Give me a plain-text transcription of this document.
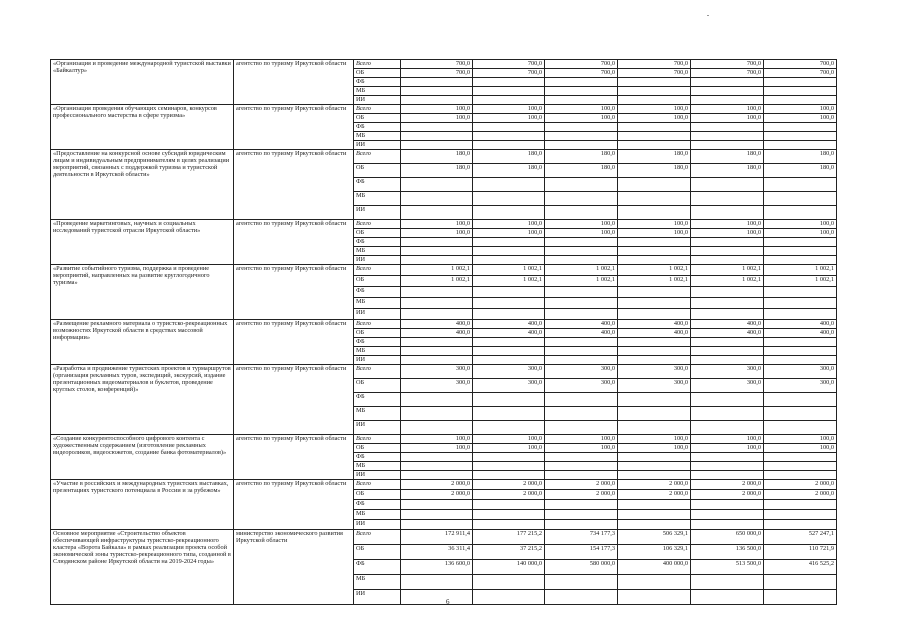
«Организация и проведение международной туристской выставки «Байкалтур»	агентство по туризму Иркутской области	Всего	700,0	700,0	700,0	700,0	700,0	700,0
		ОБ	700,0	700,0	700,0	700,0	700,0	700,0
		ФБ						
		МБ						
		ИИ						
«Организация проведения обучающих семинаров, конкурсов профессионального мастерства в сфере туризма»	агентство по туризму Иркутской области	Всего	100,0	100,0	100,0	100,0	100,0	100,0
		ОБ	100,0	100,0	100,0	100,0	100,0	100,0
		ФБ						
		МБ						
		ИИ						
«Предоставление на конкурсной основе субсидий юридическим лицам и индивидуальным предпринимателям в целях реализации мероприятий, связанных с поддержкой туризма и туристской деятельности в Иркутской области»	агентство по туризму Иркутской области	Всего	180,0	180,0	180,0	180,0	180,0	180,0
		ОБ	180,0	180,0	180,0	180,0	180,0	180,0
		ФБ						
		МБ						
		ИИ						
«Проведение маркетинговых, научных и социальных исследований туристской отрасли Иркутской области»	агентство по туризму Иркутской области	Всего	100,0	100,0	100,0	100,0	100,0	100,0
		ОБ	100,0	100,0	100,0	100,0	100,0	100,0
		ФБ						
		МБ						
		ИИ						
«Развитие событийного туризма, поддержка и проведение мероприятий, направленных на развитие круглогодичного туризма»	агентство по туризму Иркутской области	Всего	1 002,1	1 002,1	1 002,1	1 002,1	1 002,1	1 002,1
		ОБ	1 002,1	1 002,1	1 002,1	1 002,1	1 002,1	1 002,1
		ФБ						
		МБ						
		ИИ						
«Размещение рекламного материала о туристско-рекреационных возможностях Иркутской области в средствах массовой информации»	агентство по туризму Иркутской области	Всего	400,0	400,0	400,0	400,0	400,0	400,0
		ОБ	400,0	400,0	400,0	400,0	400,0	400,0
		ФБ						
		МБ						
		ИИ						
«Разработка и продвижение туристских проектов и турмаршрутов (организация рекламных туров, экспедиций, экскурсий, издание презентационных видеоматериалов и буклетов, проведение круглых столов, конференций)»	агентство по туризму Иркутской области	Всего	300,0	300,0	300,0	300,0	300,0	300,0
		ОБ	300,0	300,0	300,0	300,0	300,0	300,0
		ФБ						
		МБ						
		ИИ						
«Создание конкурентоспособного цифрового контента с художественным содержанием (изготовление рекламных видеороликов, видеосюжетов, создание банка фотоматериалов)»	агентство по туризму Иркутской области	Всего	100,0	100,0	100,0	100,0	100,0	100,0
		ОБ	100,0	100,0	100,0	100,0	100,0	100,0
		ФБ						
		МБ						
		ИИ						
«Участие в российских и международных туристских выставках, презентациях туристского потенциала в России и за рубежом»	агентство по туризму Иркутской области	Всего	2 000,0	2 000,0	2 000,0	2 000,0	2 000,0	2 000,0
		ОБ	2 000,0	2 000,0	2 000,0	2 000,0	2 000,0	2 000,0
		ФБ						
		МБ						
		ИИ						
Основное мероприятие «Строительство объектов обеспечивающей инфраструктуры туристско-рекреационного кластера «Ворота Байкала» в рамках реализации проекта особой экономической зоны туристско-рекреационного типа, созданной в Слюдянском районе Иркутской области на 2019-2024 годы»	министерство экономического развития Иркутской области	Всего	172 911,4	177 215,2	734 177,3	506 329,1	650 000,0	527 247,1
		ОБ	36 311,4	37 215,2	154 177,3	106 329,1	136 500,0	110 721,9
		ФБ	136 600,0	140 000,0	580 000,0	400 000,0	513 500,0	416 525,2
		МБ						
		ИИ						
6
